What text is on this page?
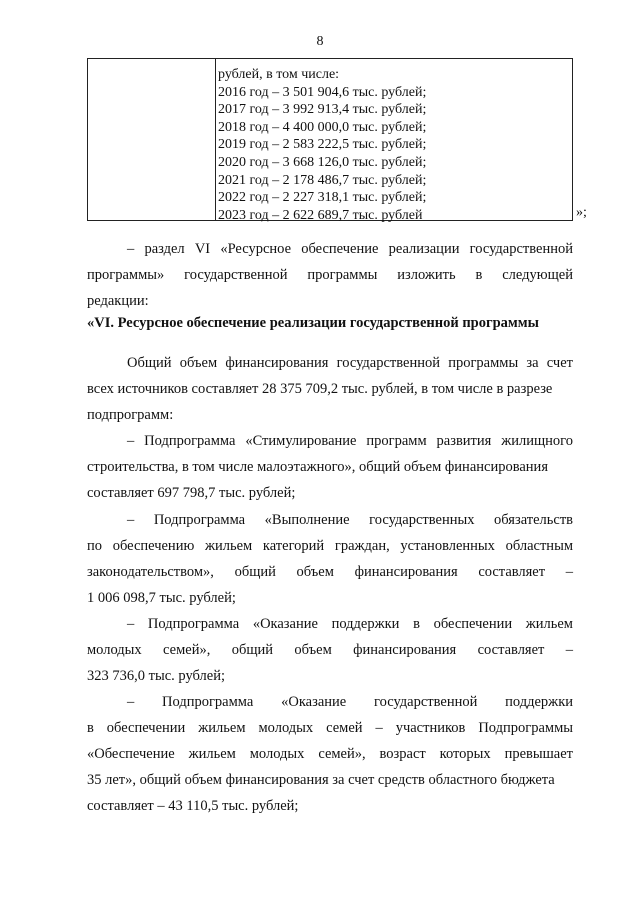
8
рублей, в том числе:
2016 год – 3 501 904,6 тыс. рублей;
2017 год – 3 992 913,4 тыс. рублей;
2018 год – 4 400 000,0 тыс. рублей;
2019 год – 2 583 222,5 тыс. рублей;
2020 год – 3 668 126,0 тыс. рублей;
2021 год – 2 178 486,7 тыс. рублей;
2022 год – 2 227 318,1 тыс. рублей;
2023 год – 2 622 689,7 тыс. рублей	»;
– раздел VI «Ресурсное обеспечение реализации государственной
программы» государственной программы изложить в следующей
редакции:
«VI. Ресурсное обеспечение реализации государственной программы
Общий объем финансирования государственной программы за счет
всех источников составляет 28 375 709,2 тыс. рублей, в том числе в разрезе
подпрограмм:
– Подпрограмма «Стимулирование программ развития жилищного
строительства, в том числе малоэтажного», общий объем финансирования
составляет 697 798,7 тыс. рублей;
– Подпрограмма «Выполнение государственных обязательств
по обеспечению жильем категорий граждан, установленных областным
законодательством», общий объем финансирования составляет –
1 006 098,7 тыс. рублей;
– Подпрограмма «Оказание поддержки в обеспечении жильем
молодых семей», общий объем финансирования составляет –
323 736,0 тыс. рублей;
– Подпрограмма «Оказание государственной поддержки
в обеспечении жильем молодых семей – участников Подпрограммы
«Обеспечение жильем молодых семей», возраст которых превышает
35 лет», общий объем финансирования за счет средств областного бюджета
составляет – 43 110,5 тыс. рублей;
